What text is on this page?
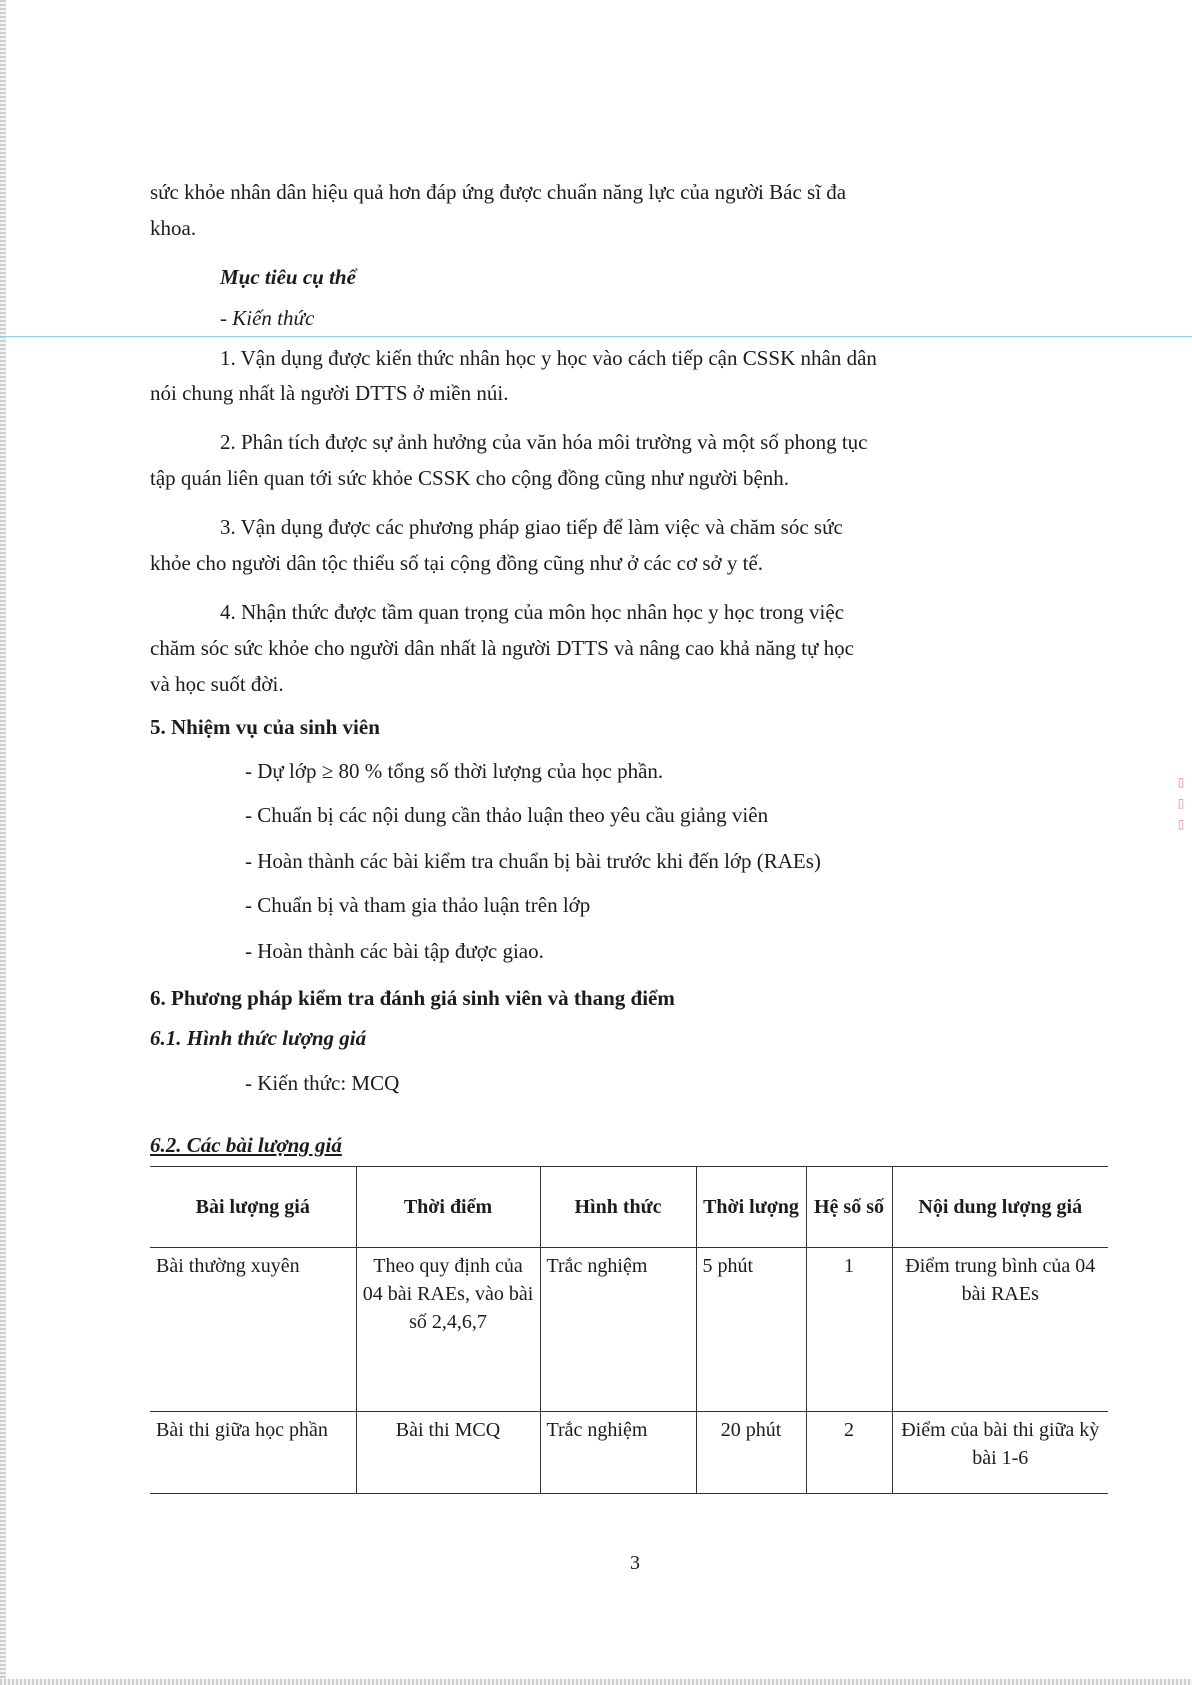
▯ ▯ ▯
sức khỏe nhân dân hiệu quả hơn đáp ứng được chuẩn năng lực của người Bác sĩ đa
khoa.
Mục tiêu cụ thể
- Kiến thức
1. Vận dụng được kiến thức nhân học y học vào cách tiếp cận CSSK nhân dân
nói chung nhất là người DTTS ở miền núi.
2. Phân tích được sự ảnh hưởng của văn hóa môi trường và một số phong tục
tập quán liên quan tới sức khỏe CSSK cho cộng đồng cũng như người bệnh.
3. Vận dụng được các phương pháp giao tiếp để làm việc và chăm sóc sức
khỏe cho người dân tộc thiểu số tại cộng đồng cũng như ở các cơ sở y tế.
4. Nhận thức được tầm quan trọng của môn học nhân học y học trong việc
chăm sóc sức khỏe cho người dân nhất là người DTTS và nâng cao khả năng tự học
và học suốt đời.
5. Nhiệm vụ của sinh viên
- Dự lớp ≥ 80 % tổng số thời lượng của học phần.
- Chuẩn bị các nội dung cần thảo luận theo yêu cầu giảng viên
- Hoàn thành các bài kiểm tra chuẩn bị bài trước khi đến lớp (RAEs)
- Chuẩn bị và tham gia thảo luận trên lớp
- Hoàn thành các bài tập được giao.
6. Phương pháp kiểm tra đánh giá sinh viên và thang điểm
6.1. Hình thức lượng giá
- Kiến thức: MCQ
6.2. Các bài lượng giá
Bài lượng giá	Thời điểm	Hình thức	Thời lượng	Hệ số số	Nội dung lượng giá
Bài thường xuyên	Theo quy định của 04 bài RAEs, vào bài số 2,4,6,7	Trắc nghiệm	5 phút	1	Điểm trung bình của 04 bài RAEs
Bài thi giữa học phần	Bài thi MCQ	Trắc nghiệm	20 phút	2	Điểm của bài thi giữa kỳ bài 1-6
3
